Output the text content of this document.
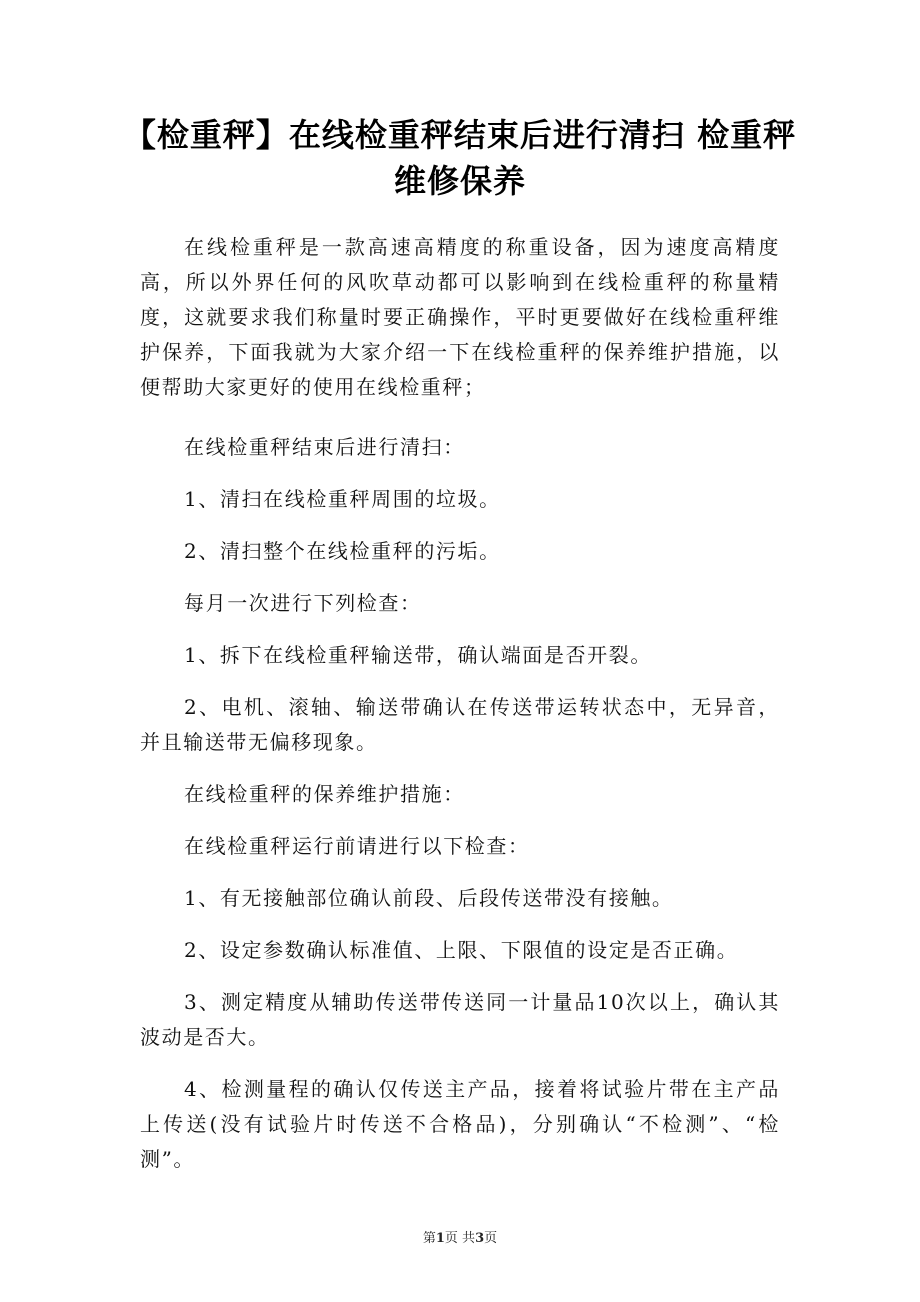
【检重秤】在线检重秤结束后进行清扫 检重秤维修保养

在线检重秤是一款高速高精度的称重设备，因为速度高精度高，所以外界任何的风吹草动都可以影响到在线检重秤的称量精度，这就要求我们称量时要正确操作，平时更要做好在线检重秤维护保养，下面我就为大家介绍一下在线检重秤的保养维护措施，以便帮助大家更好的使用在线检重秤；

在线检重秤结束后进行清扫：

1、清扫在线检重秤周围的垃圾。

2、清扫整个在线检重秤的污垢。

每月一次进行下列检查：

1、拆下在线检重秤输送带，确认端面是否开裂。

2、电机、滚轴、输送带确认在传送带运转状态中，无异音，并且输送带无偏移现象。

在线检重秤的保养维护措施：

在线检重秤运行前请进行以下检查：

1、有无接触部位确认前段、后段传送带没有接触。

2、设定参数确认标准值、上限、下限值的设定是否正确。

3、测定精度从辅助传送带传送同一计量品10次以上，确认其波动是否大。

4、检测量程的确认仅传送主产品，接着将试验片带在主产品上传送(没有试验片时传送不合格品)，分别确认“不检测”、“检测”。

第1页 共3页
